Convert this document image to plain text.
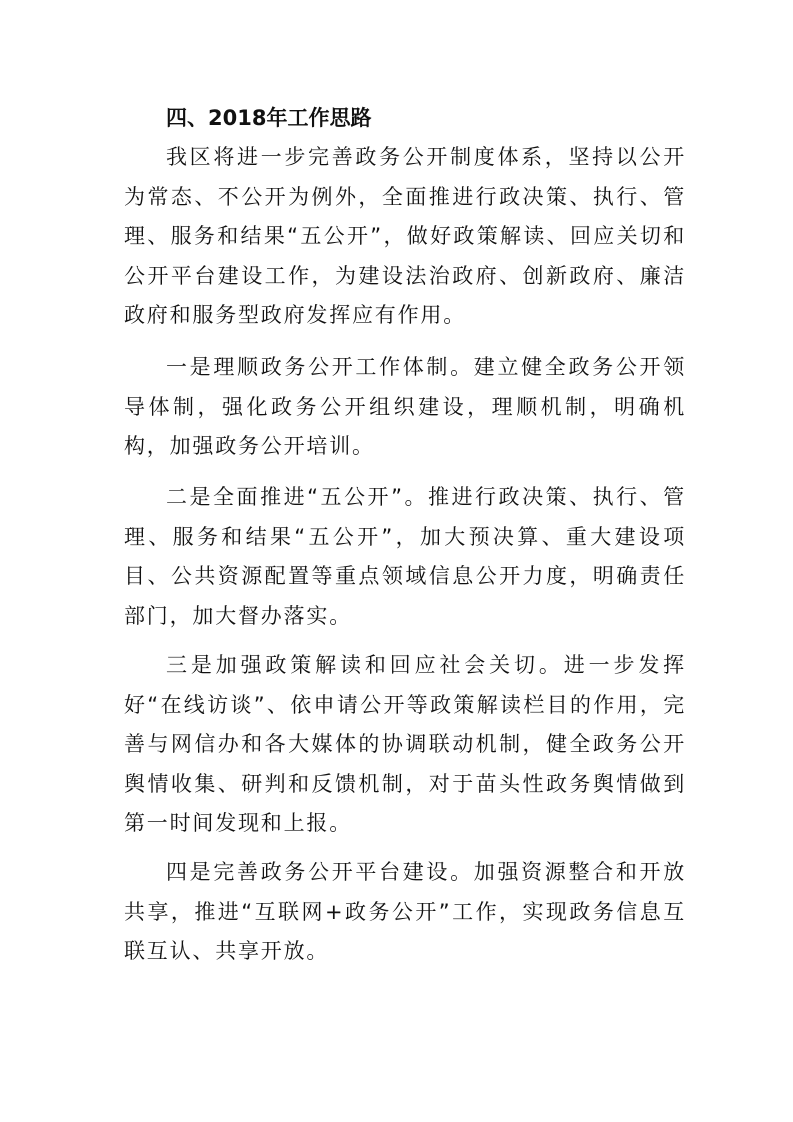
四、2018年工作思路

我区将进一步完善政务公开制度体系，坚持以公开为常态、不公开为例外，全面推进行政决策、执行、管理、服务和结果“五公开”，做好政策解读、回应关切和公开平台建设工作，为建设法治政府、创新政府、廉洁政府和服务型政府发挥应有作用。

一是理顺政务公开工作体制。建立健全政务公开领导体制，强化政务公开组织建设，理顺机制，明确机构，加强政务公开培训。

二是全面推进“五公开”。推进行政决策、执行、管理、服务和结果“五公开”，加大预决算、重大建设项目、公共资源配置等重点领域信息公开力度，明确责任部门，加大督办落实。

三是加强政策解读和回应社会关切。进一步发挥好“在线访谈”、依申请公开等政策解读栏目的作用，完善与网信办和各大媒体的协调联动机制，健全政务公开舆情收集、研判和反馈机制，对于苗头性政务舆情做到第一时间发现和上报。

四是完善政务公开平台建设。加强资源整合和开放共享，推进“互联网+政务公开”工作，实现政务信息互联互认、共享开放。
